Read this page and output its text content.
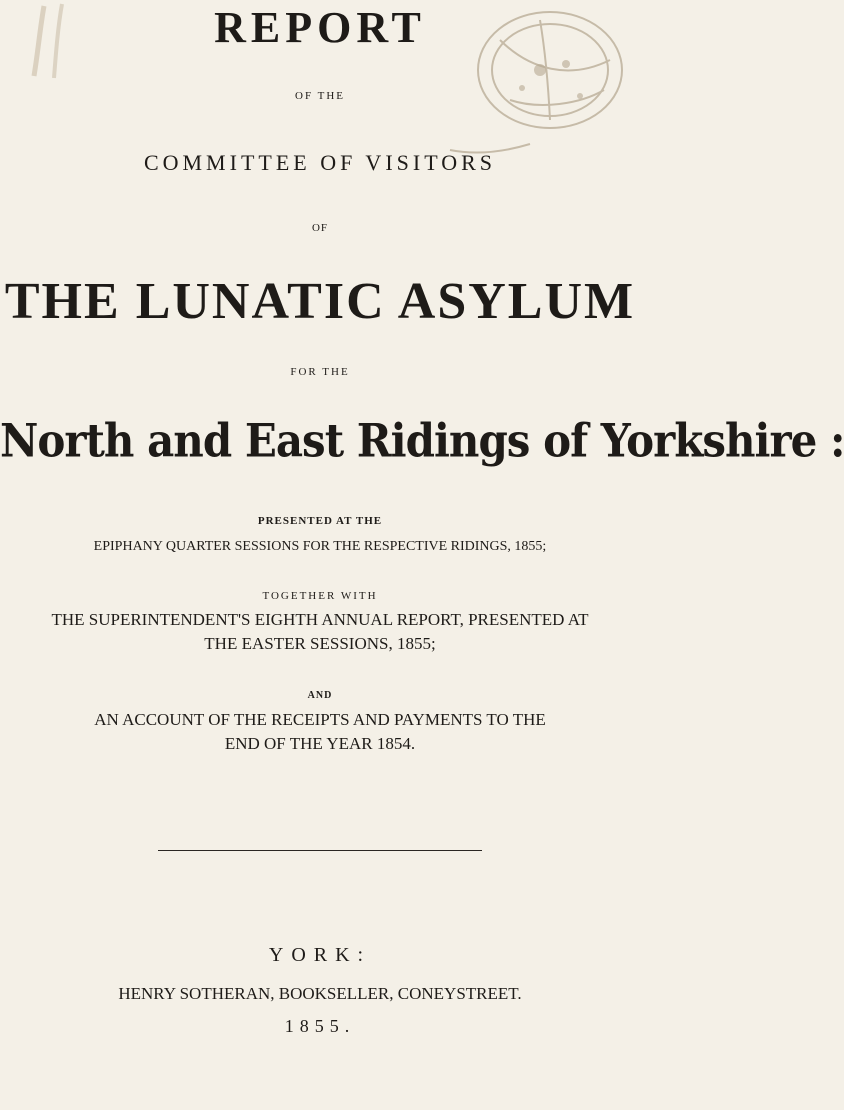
REPORT
OF THE
COMMITTEE OF VISITORS
OF
THE LUNATIC ASYLUM
FOR THE
North and East Ridings of Yorkshire :
PRESENTED AT THE
EPIPHANY QUARTER SESSIONS FOR THE RESPECTIVE RIDINGS, 1855;
TOGETHER WITH
THE SUPERINTENDENT'S EIGHTH ANNUAL REPORT, PRESENTED AT
THE EASTER SESSIONS, 1855;
AND
AN ACCOUNT OF THE RECEIPTS AND PAYMENTS TO THE
END OF THE YEAR 1854.
YORK:
HENRY SOTHERAN, BOOKSELLER, CONEYSTREET.
1855.
